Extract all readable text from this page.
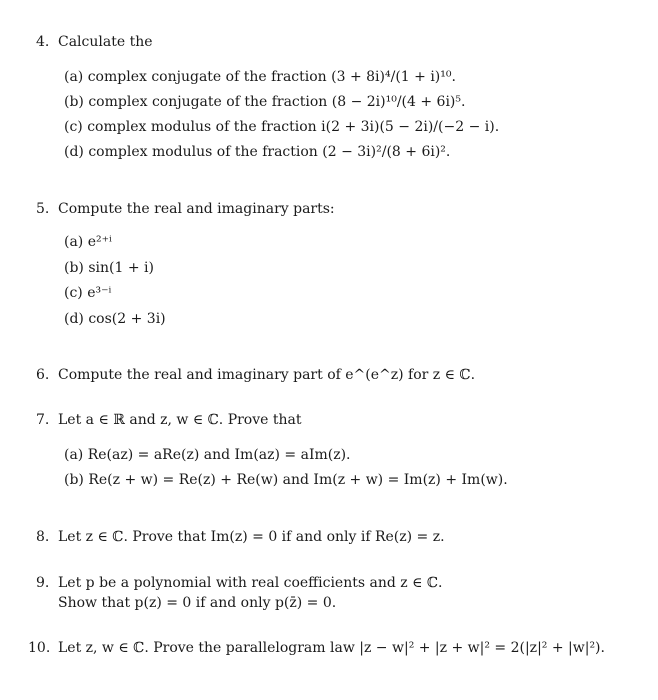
4. Calculate the
(a) complex conjugate of the fraction (3 + 8i)⁴/(1 + i)¹⁰.
(b) complex conjugate of the fraction (8 − 2i)¹⁰/(4 + 6i)⁵.
(c) complex modulus of the fraction i(2 + 3i)(5 − 2i)/(−2 − i).
(d) complex modulus of the fraction (2 − 3i)²/(8 + 6i)².
5. Compute the real and imaginary parts:
(a) e²⁺ⁱ
(b) sin(1 + i)
(c) e³⁻ⁱ
(d) cos(2 + 3i)
6. Compute the real and imaginary part of e^(e^z) for z ∈ ℂ.
7. Let a ∈ ℝ and z, w ∈ ℂ. Prove that
(a) Re(az) = aRe(z) and Im(az) = aIm(z).
(b) Re(z + w) = Re(z) + Re(w) and Im(z + w) = Im(z) + Im(w).
8. Let z ∈ ℂ. Prove that Im(z) = 0 if and only if Re(z) = z.
9. Let p be a polynomial with real coefficients and z ∈ ℂ.
Show that p(z) = 0 if and only p(z̄) = 0.
10. Let z, w ∈ ℂ. Prove the parallelogram law |z − w|² + |z + w|² = 2(|z|² + |w|²).
